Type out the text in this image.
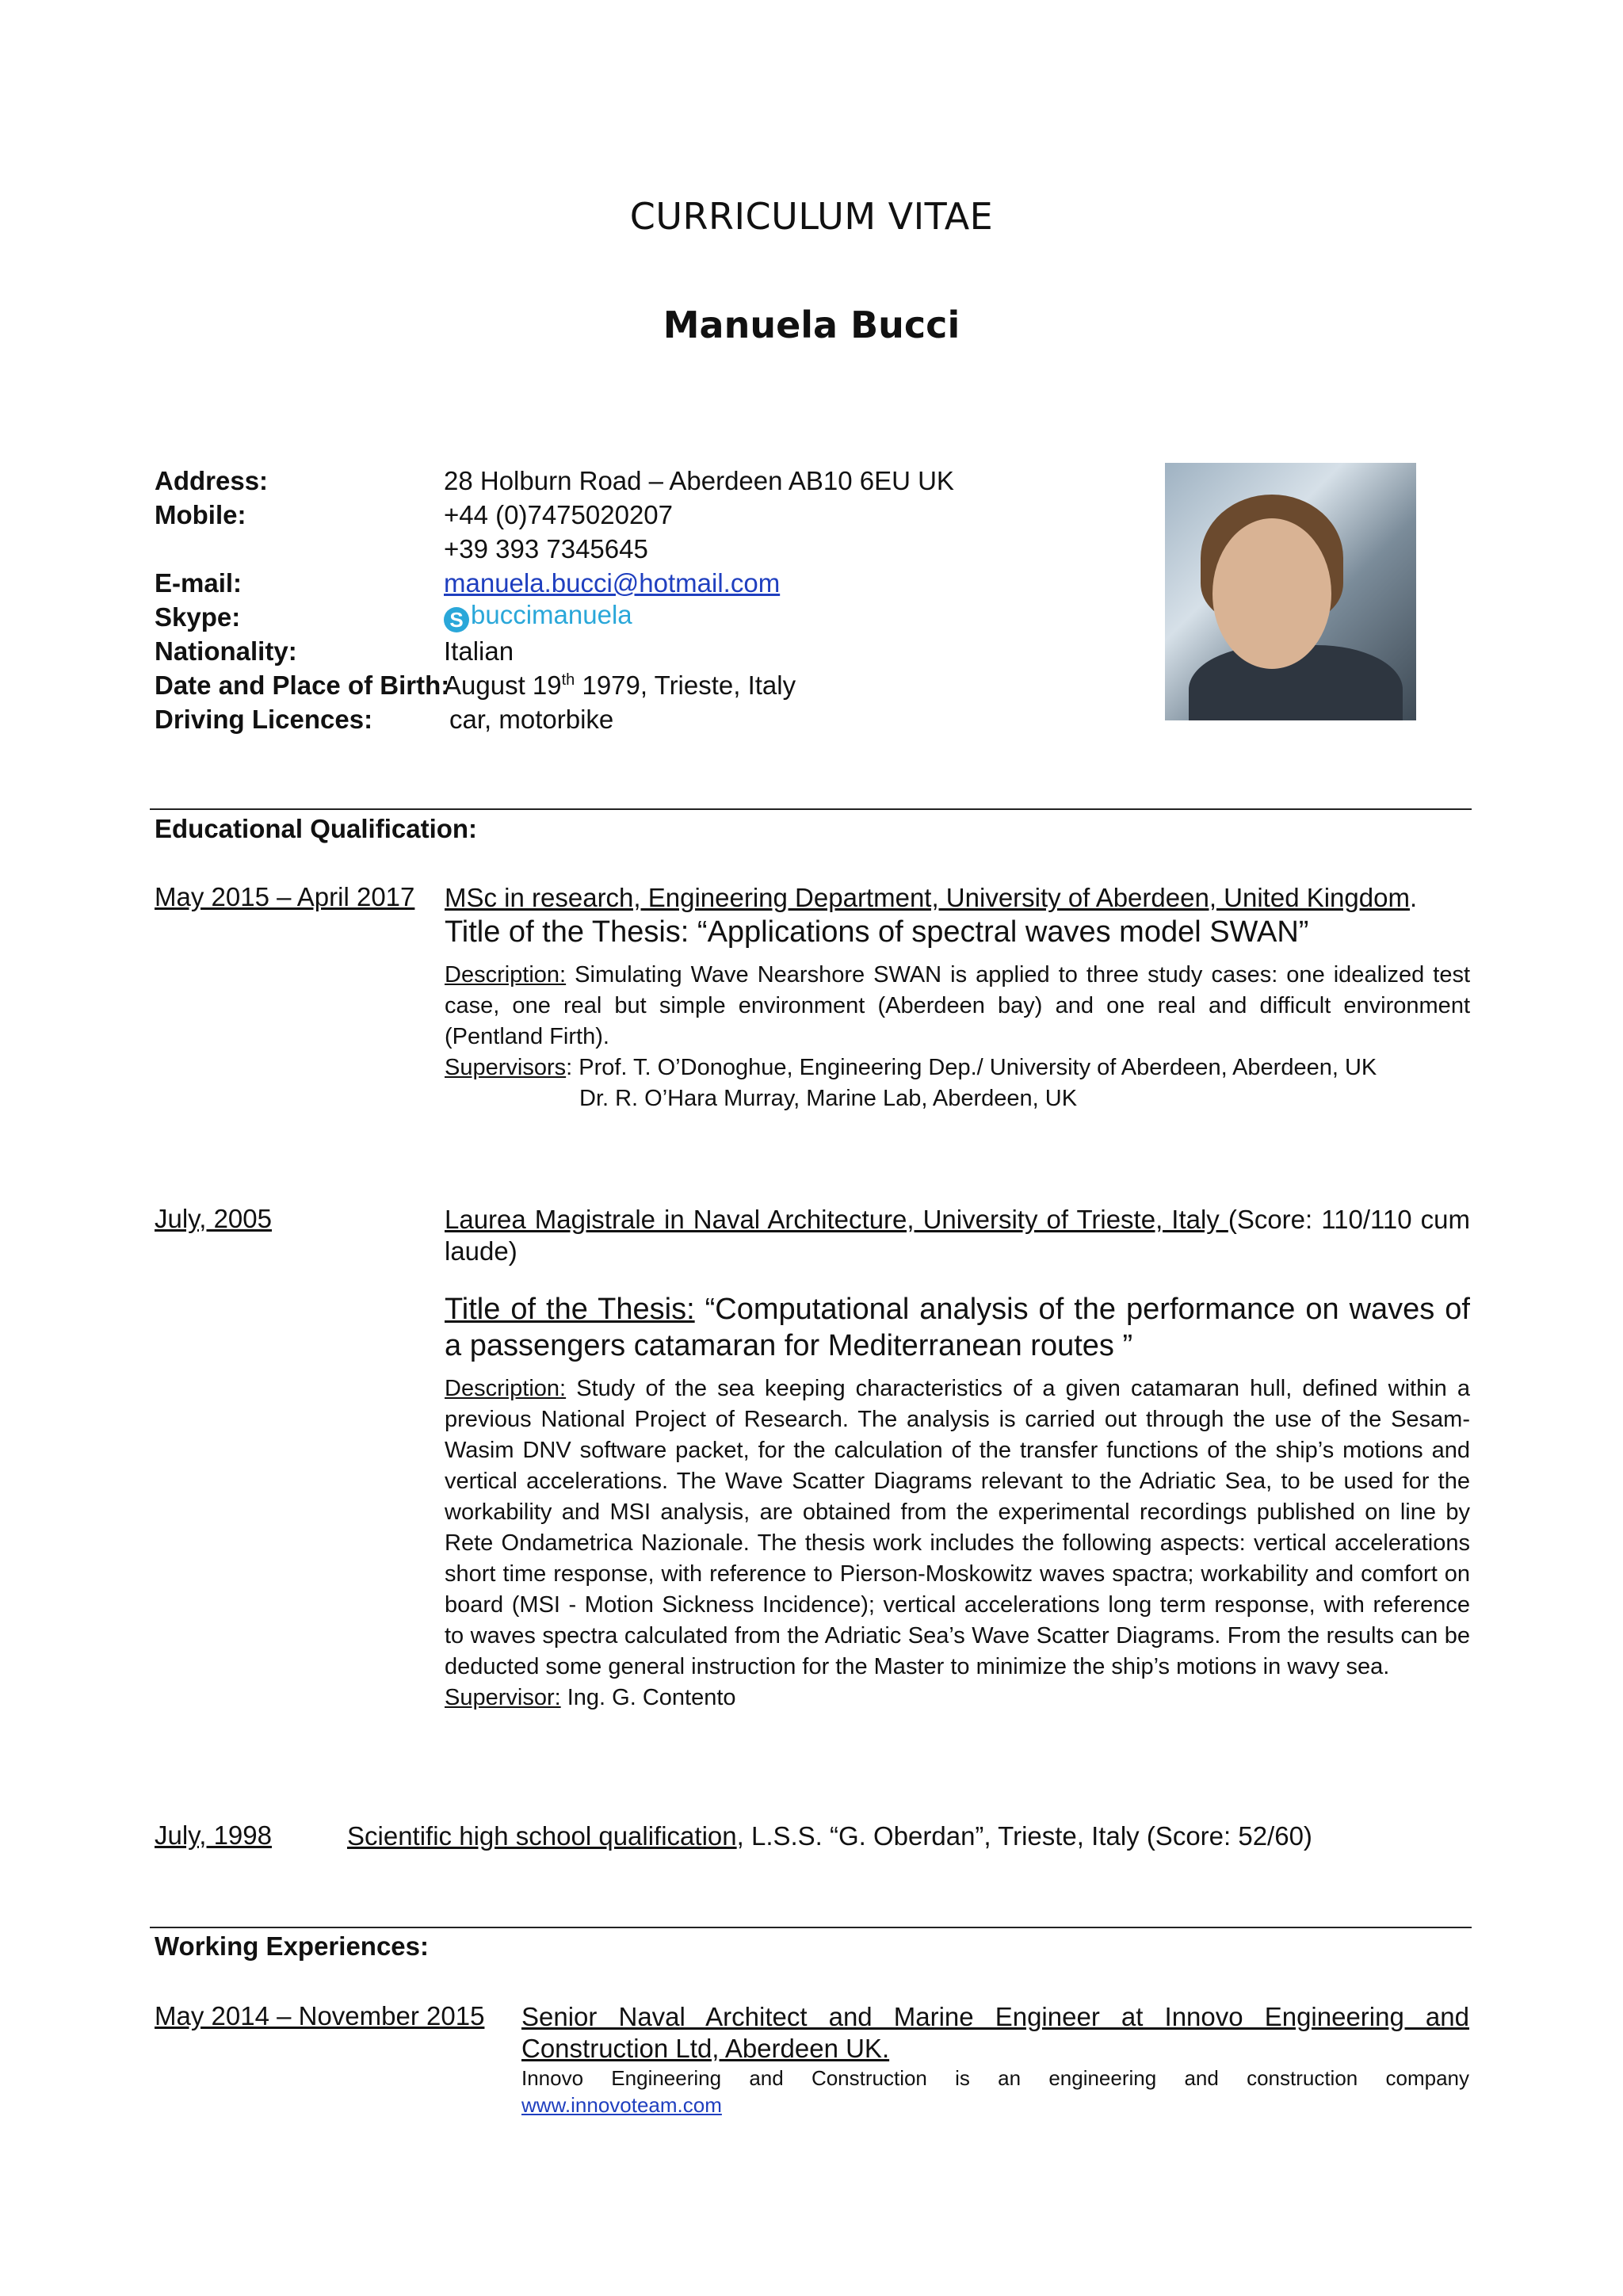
CURRICULUM VITAE
Manuela Bucci
Address:	28 Holburn Road – Aberdeen AB10 6EU UK
Mobile:	+44 (0)7475020207
+39 393 7345645
E-mail:	manuela.bucci@hotmail.com
Skype:	S buccimanuela
Nationality:	Italian
Date and Place of Birth:
August 19th 1979, Trieste, Italy
Driving Licences:	car, motorbike
Educational Qualification:
May 2015 – April 2017 MSc in research, Engineering Department, University of Aberdeen, United Kingdom.
Title of the Thesis: “Applications of spectral waves model SWAN”
Description: Simulating Wave Nearshore SWAN is applied to three study cases: one idealized test case, one real but simple environment (Aberdeen bay) and one real and difficult environment (Pentland Firth).
Supervisors: Prof. T. O’Donoghue, Engineering Dep./ University of Aberdeen, Aberdeen, UK
Dr. R. O’Hara Murray, Marine Lab, Aberdeen, UK
July, 2005	Laurea Magistrale in Naval Architecture, University of Trieste, Italy (Score: 110/110 cum laude)
Title of the Thesis: “Computational analysis of the performance on waves of a passengers catamaran for Mediterranean routes ”
Description: Study of the sea keeping characteristics of a given catamaran hull, defined within a previous National Project of Research. The analysis is carried out through the use of the Sesam-Wasim DNV software packet, for the calculation of the transfer functions of the ship’s motions and vertical accelerations. The Wave Scatter Diagrams relevant to the Adriatic Sea, to be used for the workability and MSI analysis, are obtained from the experimental recordings published on line by Rete Ondametrica Nazionale. The thesis work includes the following aspects: vertical accelerations short time response, with reference to Pierson-Moskowitz waves spactra; workability and comfort on board (MSI - Motion Sickness Incidence); vertical accelerations long term response, with reference to waves spectra calculated from the Adriatic Sea’s Wave Scatter Diagrams. From the results can be deducted some general instruction for the Master to minimize the ship’s motions in wavy sea.
Supervisor: Ing. G. Contento
July, 1998	Scientific high school qualification, L.S.S. “G. Oberdan”, Trieste, Italy (Score: 52/60)
Working Experiences:
May 2014 – November 2015 Senior Naval Architect and Marine Engineer at Innovo Engineering and Construction Ltd, Aberdeen UK.
Innovo Engineering and Construction is an engineering and construction company www.innovoteam.com
